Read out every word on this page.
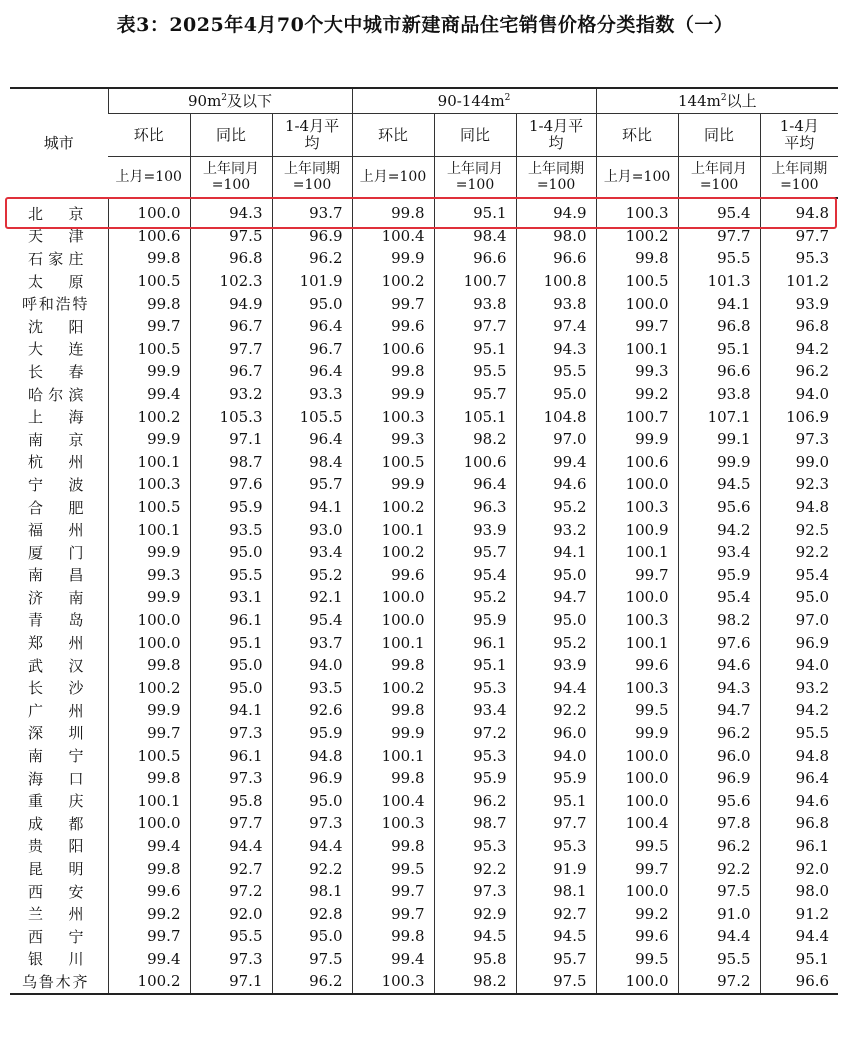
表3：2025年4月70个大中城市新建商品住宅销售价格分类指数（一）
城市	$90m^2$及以下			$90-144m^2$			$144m^2$以上		
	环比	同比	1-4月平均	环比	同比	1-4月平均	环比	同比	1-4月平均
	上月=100	上年同月=100	上年同期=100	上月=100	上年同月=100	上年同期=100	上月=100	上年同月=100	上年同期=100
北京	100.0	94.3	93.7	99.8	95.1	94.9	100.3	95.4	94.8
天津	100.6	97.5	96.9	100.4	98.4	98.0	100.2	97.7	97.7
石家庄	99.8	96.8	96.2	99.9	96.6	96.6	99.8	95.5	95.3
太原	100.5	102.3	101.9	100.2	100.7	100.8	100.5	101.3	101.2
呼和浩特	99.8	94.9	95.0	99.7	93.8	93.8	100.0	94.1	93.9
沈阳	99.7	96.7	96.4	99.6	97.7	97.4	99.7	96.8	96.8
大连	100.5	97.7	96.7	100.6	95.1	94.3	100.1	95.1	94.2
长春	99.9	96.7	96.4	99.8	95.5	95.5	99.3	96.6	96.2
哈尔滨	99.4	93.2	93.3	99.9	95.7	95.0	99.2	93.8	94.0
上海	100.2	105.3	105.5	100.3	105.1	104.8	100.7	107.1	106.9
南京	99.9	97.1	96.4	99.3	98.2	97.0	99.9	99.1	97.3
杭州	100.1	98.7	98.4	100.5	100.6	99.4	100.6	99.9	99.0
宁波	100.3	97.6	95.7	99.9	96.4	94.6	100.0	94.5	92.3
合肥	100.5	95.9	94.1	100.2	96.3	95.2	100.3	95.6	94.8
福州	100.1	93.5	93.0	100.1	93.9	93.2	100.9	94.2	92.5
厦门	99.9	95.0	93.4	100.2	95.7	94.1	100.1	93.4	92.2
南昌	99.3	95.5	95.2	99.6	95.4	95.0	99.7	95.9	95.4
济南	99.9	93.1	92.1	100.0	95.2	94.7	100.0	95.4	95.0
青岛	100.0	96.1	95.4	100.0	95.9	95.0	100.3	98.2	97.0
郑州	100.0	95.1	93.7	100.1	96.1	95.2	100.1	97.6	96.9
武汉	99.8	95.0	94.0	99.8	95.1	93.9	99.6	94.6	94.0
长沙	100.2	95.0	93.5	100.2	95.3	94.4	100.3	94.3	93.2
广州	99.9	94.1	92.6	99.8	93.4	92.2	99.5	94.7	94.2
深圳	99.7	97.3	95.9	99.9	97.2	96.0	99.9	96.2	95.5
南宁	100.5	96.1	94.8	100.1	95.3	94.0	100.0	96.0	94.8
海口	99.8	97.3	96.9	99.8	95.9	95.9	100.0	96.9	96.4
重庆	100.1	95.8	95.0	100.4	96.2	95.1	100.0	95.6	94.6
成都	100.0	97.7	97.3	100.3	98.7	97.7	100.4	97.8	96.8
贵阳	99.4	94.4	94.4	99.8	95.3	95.3	99.5	96.2	96.1
昆明	99.8	92.7	92.2	99.5	92.2	91.9	99.7	92.2	92.0
西安	99.6	97.2	98.1	99.7	97.3	98.1	100.0	97.5	98.0
兰州	99.2	92.0	92.8	99.7	92.9	92.7	99.2	91.0	91.2
西宁	99.7	95.5	95.0	99.8	94.5	94.5	99.6	94.4	94.4
银川	99.4	97.3	97.5	99.4	95.8	95.7	99.5	95.5	95.1
乌鲁木齐	100.2	97.1	96.2	100.3	98.2	97.5	100.0	97.2	96.6
